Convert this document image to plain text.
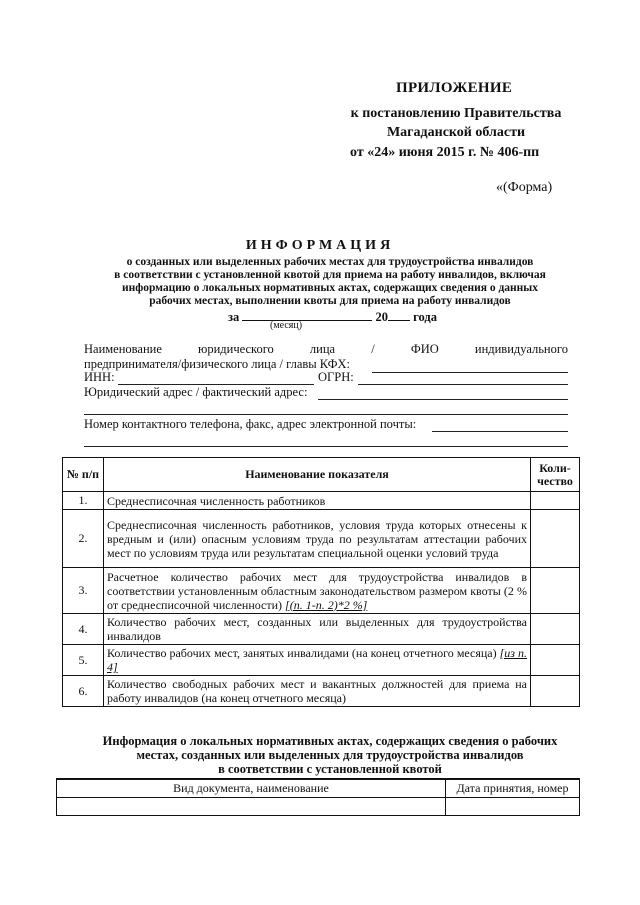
ПРИЛОЖЕНИЕ
к постановлению Правительства
Магаданской области
от «24» июня 2015 г. № 406-пп
«(Форма)
ИНФОРМАЦИЯ
о созданных или выделенных рабочих местах для трудоустройства инвалидов
в соответствии с установленной квотой для приема на работу инвалидов, включая
информацию о локальных нормативных актах, содержащих сведения о данных
рабочих местах, выполнении квоты для приема на работу инвалидов
за	20 года
(месяц)
Наименование	юридического	лица	/	ФИО	индивидуального
предпринимателя/физического лица / главы КФХ:
ИНН:	ОГРН:
Юридический адрес / фактический адрес:
Номер контактного телефона, факс, адрес электронной почты:
№ п/п	Наименование показателя	Коли-чество
1.	Среднесписочная численность работников	
2.	Среднесписочная численность работников, условия труда которых отнесены к вредным и (или) опасным условиям труда по результатам аттестации рабочих мест по условиям труда или результатам специальной оценки условий труда	
3.	Расчетное количество рабочих мест для трудоустройства инвалидов в соответствии установленным областным законодательством размером квоты (2 % от среднесписочной численности) [(п. 1-п. 2)*2 %]	
4.	Количество рабочих мест, созданных или выделенных для трудоустройства инвалидов	
5.	Количество рабочих мест, занятых инвалидами (на конец отчетного месяца) [из п. 4]	
6.	Количество свободных рабочих мест и вакантных должностей для приема на работу инвалидов (на конец отчетного месяца)	
Информация о локальных нормативных актах, содержащих сведения о рабочих
местах, созданных или выделенных для трудоустройства инвалидов
в соответствии с установленной квотой
Вид документа, наименование	Дата принятия, номер
